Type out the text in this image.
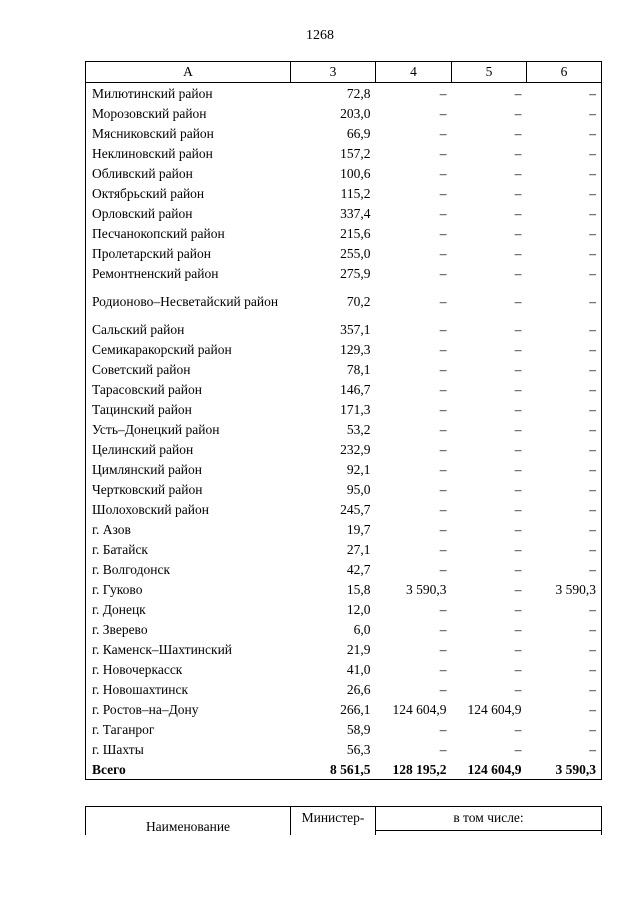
1268
А	3	4	5	6
Милютинский район	72,8	–	–	–
Морозовский район	203,0	–	–	–
Мясниковский район	66,9	–	–	–
Неклиновский район	157,2	–	–	–
Обливский район	100,6	–	–	–
Октябрьский район	115,2	–	–	–
Орловский район	337,4	–	–	–
Песчанокопский район	215,6	–	–	–
Пролетарский район	255,0	–	–	–
Ремонтненский район	275,9	–	–	–
Родионово–Несветайский район	70,2	–	–	–
Сальский район	357,1	–	–	–
Семикаракорский район	129,3	–	–	–
Советский район	78,1	–	–	–
Тарасовский район	146,7	–	–	–
Тацинский район	171,3	–	–	–
Усть–Донецкий район	53,2	–	–	–
Целинский район	232,9	–	–	–
Цимлянский район	92,1	–	–	–
Чертковский район	95,0	–	–	–
Шолоховский район	245,7	–	–	–
г. Азов	19,7	–	–	–
г. Батайск	27,1	–	–	–
г. Волгодонск	42,7	–	–	–
г. Гуково	15,8	3 590,3	–	3 590,3
г. Донецк	12,0	–	–	–
г. Зверево	6,0	–	–	–
г. Каменск–Шахтинский	21,9	–	–	–
г. Новочеркасск	41,0	–	–	–
г. Новошахтинск	26,6	–	–	–
г. Ростов–на–Дону	266,1	124 604,9	124 604,9	–
г. Таганрог	58,9	–	–	–
г. Шахты	56,3	–	–	–
Всего	8 561,5	128 195,2	124 604,9	3 590,3
Наименование	Министер-	в том числе:
